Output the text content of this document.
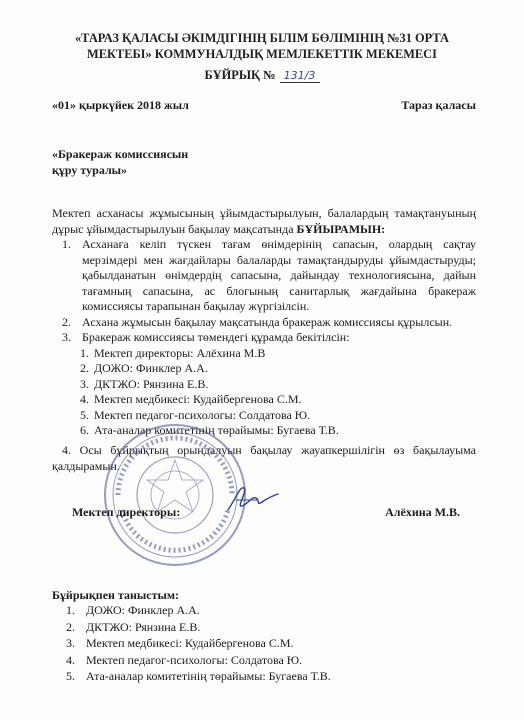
«ТАРАЗ ҚАЛАСЫ ӘКІМДІГІНІҢ БІЛІМ БӨЛІМІНІҢ №31 ОРТА
МЕКТЕБІ» КОММУНАЛДЫҚ МЕМЛЕКЕТТІК МЕКЕМЕСІ
БҰЙРЫҚ № 131/3
«01» қыркүйек 2018 жыл	Тараз қаласы
«Бракераж комиссиясын
құру туралы»
Мектеп асханасы жұмысының ұйымдастырылуын, балалардың тамақтануының дұрыс ұйымдастырылуын бақылау мақсатында БҰЙЫРАМЫН:
1. Асханаға келіп түскен тағам өнімдерінің сапасын, олардың сақтау мерзімдері мен жағдайлары балаларды тамақтандыруды ұйымдастыруды; қабылданатын өнімдердің сапасына, дайындау технологиясына, дайын тағамның сапасына, ас блогының санитарлық жағдайына бракераж комиссиясы тарапынан бақылау жүргізілсін.
2. Асхана жұмысын бақылау мақсатында бракераж комиссиясы құрылсын.
3. Бракераж комиссиясы төмендегі құрамда бекітілсін:
1. Мектеп директоры: Алёхина М.В
2. ДОЖО: Финклер А.А.
3. ДКТЖО: Рянзина Е.В.
4. Мектеп медбикесі: Кудайбергенова С.М.
5. Мектеп педагог-психологы: Солдатова Ю.
6. Ата-аналар комитетінің төрайымы: Бугаева Т.В.
4. Осы бұйрықтың орындалуын бақылау жауапкершілігін өз бақылауыма қалдырамын.
Мектеп директоры:	Алёхина М.В.
Бұйрықпен таныстым:
1. ДОЖО: Финклер А.А.
2. ДКТЖО: Рянзина Е.В.
3. Мектеп медбикесі: Кудайбергенова С.М.
4. Мектеп педагог-психологы: Солдатова Ю.
5. Ата-аналар комитетінің төрайымы: Бугаева Т.В.
